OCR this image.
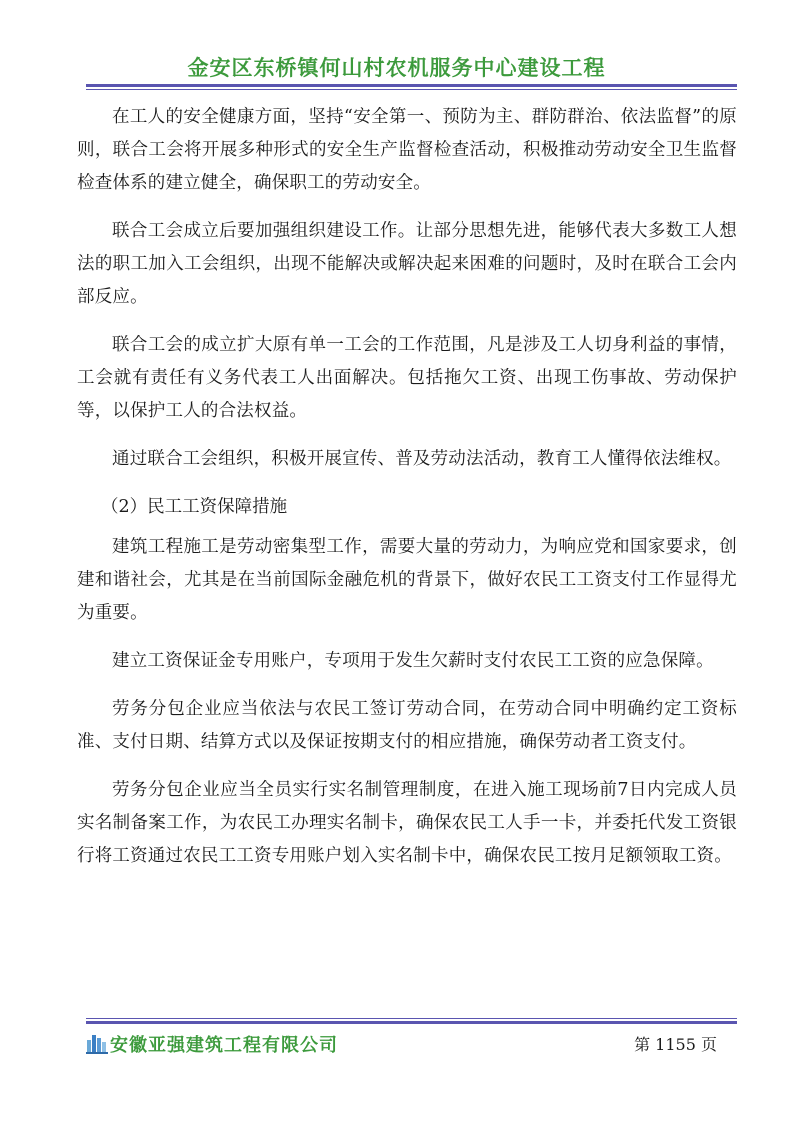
金安区东桥镇何山村农机服务中心建设工程

在工人的安全健康方面，坚持“安全第一、预防为主、群防群治、依法监督”的原则，联合工会将开展多种形式的安全生产监督检查活动，积极推动劳动安全卫生监督检查体系的建立健全，确保职工的劳动安全。

联合工会成立后要加强组织建设工作。让部分思想先进，能够代表大多数工人想法的职工加入工会组织，出现不能解决或解决起来困难的问题时，及时在联合工会内部反应。

联合工会的成立扩大原有单一工会的工作范围，凡是涉及工人切身利益的事情，工会就有责任有义务代表工人出面解决。包括拖欠工资、出现工伤事故、劳动保护等，以保护工人的合法权益。

通过联合工会组织，积极开展宣传、普及劳动法活动，教育工人懂得依法维权。

（2）民工工资保障措施

建筑工程施工是劳动密集型工作，需要大量的劳动力，为响应党和国家要求，创建和谐社会，尤其是在当前国际金融危机的背景下，做好农民工工资支付工作显得尤为重要。

建立工资保证金专用账户，专项用于发生欠薪时支付农民工工资的应急保障。

劳务分包企业应当依法与农民工签订劳动合同，在劳动合同中明确约定工资标准、支付日期、结算方式以及保证按期支付的相应措施，确保劳动者工资支付。

劳务分包企业应当全员实行实名制管理制度，在进入施工现场前7日内完成人员实名制备案工作，为农民工办理实名制卡，确保农民工人手一卡，并委托代发工资银行将工资通过农民工工资专用账户划入实名制卡中，确保农民工按月足额领取工资。

安徽亚强建筑工程有限公司	第 1155 页
